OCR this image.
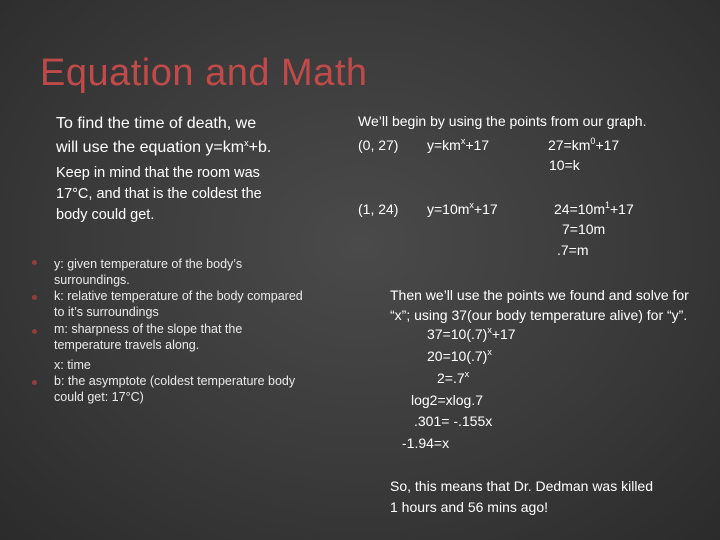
Equation and Math
To find the time of death, we
will use the equation $y=km^x+b$.
Keep in mind that the room was
17°C, and that is the coldest the
body could get.
y: given temperature of the body’s
surroundings.
k: relative temperature of the body compared
to it’s surroundings
m: sharpness of the slope that the
temperature travels along.
x: time
b: the asymptote (coldest temperature body
could get: 17°C)
We’ll begin by using the points from our graph.
(0, 27) $y=km^x+17$	$27=km^0+17$
10=k
(1, 24) $y=10m^x+17$	$24=10m^1+17$
7=10m
.7=m
Then we’ll use the points we found and solve for
“x”; using 37(our body temperature alive) for “y”.
$37=10(.7)^x+17$
$20=10(.7)^x$
$2=.7^x$
log2=xlog.7
.301= -.155x
-1.94=x
So, this means that Dr. Dedman was killed
1 hours and 56 mins ago!
